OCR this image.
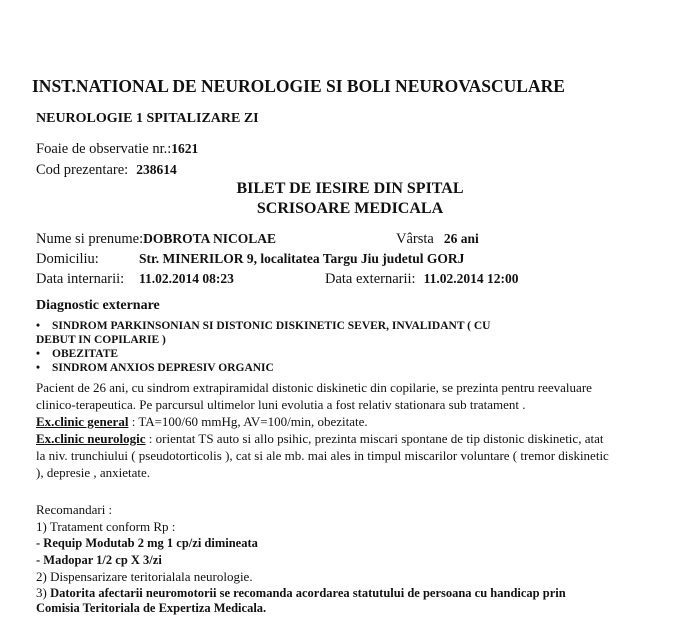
INST.NATIONAL DE NEUROLOGIE SI BOLI NEUROVASCULARE
NEUROLOGIE 1 SPITALIZARE ZI
Foaie de observatie nr.:1621
Cod prezentare: 238614
BILET DE IESIRE DIN SPITAL
SCRISOARE MEDICALA
Nume si prenume:DOBROTA NICOLAE	Vârsta 26 ani
Domiciliu:	Str. MINERILOR 9, localitatea Targu Jiu judetul GORJ
Data internarii: 11.02.2014 08:23	Data externarii: 11.02.2014 12:00
Diagnostic externare
• SINDROM PARKINSONIAN SI DISTONIC DISKINETIC SEVER, INVALIDANT ( CU
DEBUT IN COPILARIE )
• OBEZITATE
• SINDROM ANXIOS DEPRESIV ORGANIC
Pacient de 26 ani, cu sindrom extrapiramidal distonic diskinetic din copilarie, se prezinta pentru reevaluare
clinico-terapeutica. Pe parcursul ultimelor luni evolutia a fost relativ stationara sub tratament .
Ex.clinic general : TA=100/60 mmHg, AV=100/min, obezitate.
Ex.clinic neurologic : orientat TS auto si allo psihic, prezinta miscari spontane de tip distonic diskinetic, atat
la niv. trunchiului ( pseudotorticolis ), cat si ale mb. mai ales in timpul miscarilor voluntare ( tremor diskinetic
), depresie , anxietate.
Recomandari :
1) Tratament conform Rp :
- Requip Modutab 2 mg 1 cp/zi dimineata
- Madopar 1/2 cp X 3/zi
2) Dispensarizare teritorialala neurologie.
3) Datorita afectarii neuromotorii se recomanda acordarea statutului de persoana cu handicap prin
Comisia Teritoriala de Expertiza Medicala.
